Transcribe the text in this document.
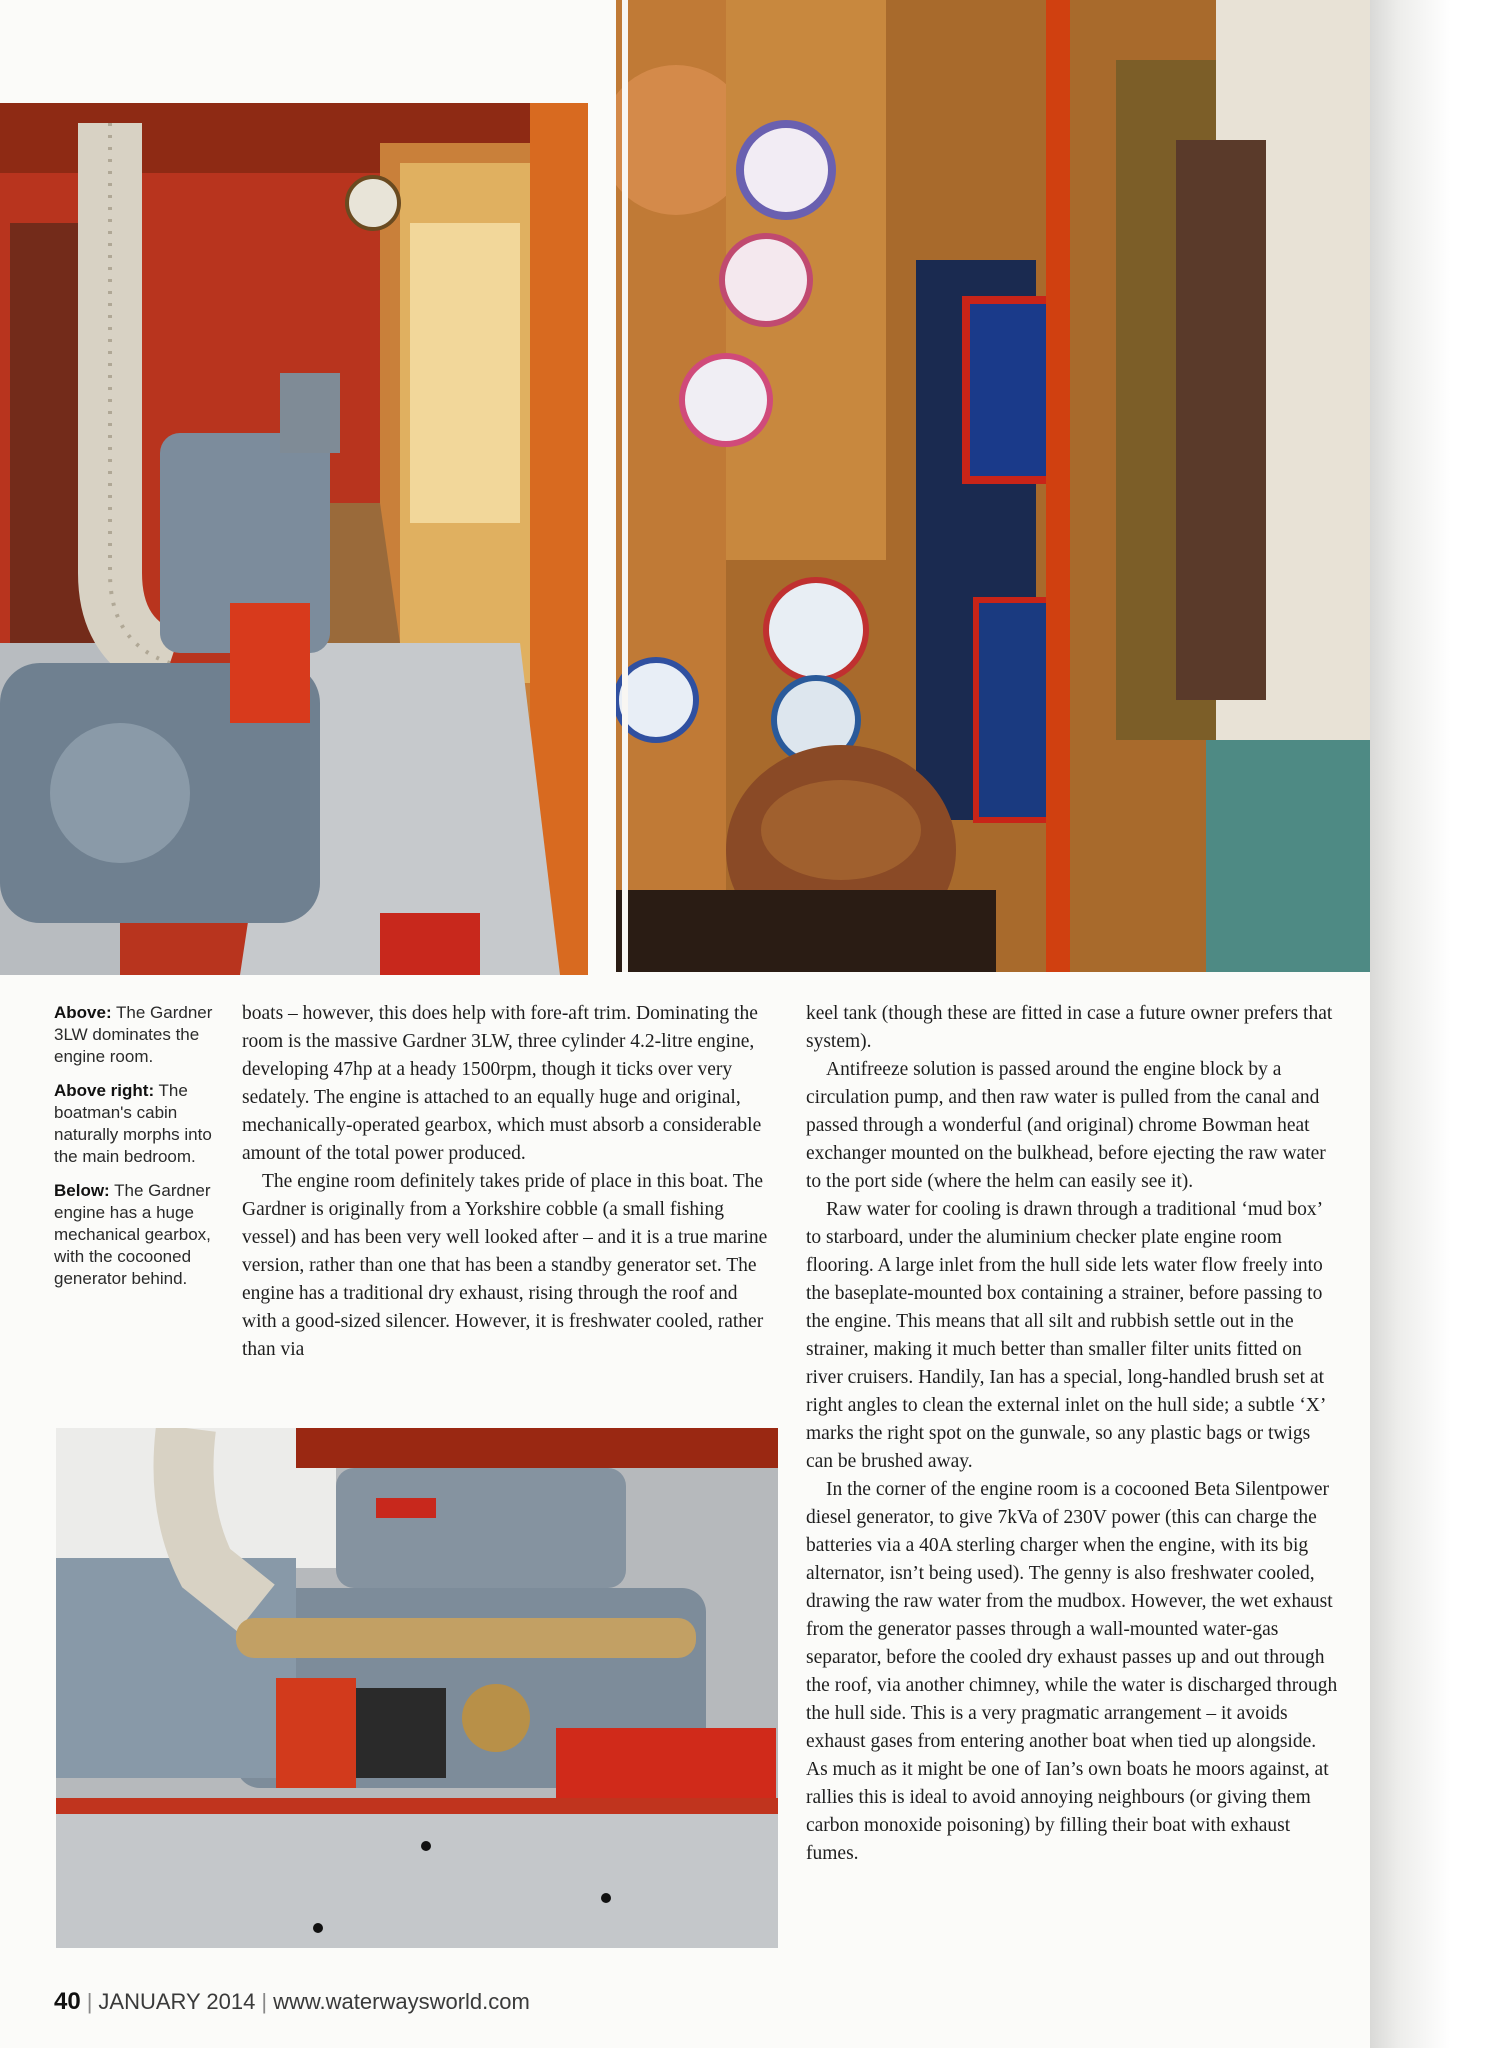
Above: The Gardner 3LW dominates the engine room.
Above right: The boatman's cabin naturally morphs into the main bedroom.
Below: The Gardner engine has a huge mechanical gearbox, with the cocooned generator behind.

boats – however, this does help with fore-aft trim. Dominating the room is the massive Gardner 3LW, three cylinder 4.2-litre engine, developing 47hp at a heady 1500rpm, though it ticks over very sedately. The engine is attached to an equally huge and original, mechanically-operated gearbox, which must absorb a considerable amount of the total power produced.

The engine room definitely takes pride of place in this boat. The Gardner is originally from a Yorkshire cobble (a small fishing vessel) and has been very well looked after – and it is a true marine version, rather than one that has been a standby generator set. The engine has a traditional dry exhaust, rising through the roof and with a good-sized silencer. However, it is freshwater cooled, rather than via

keel tank (though these are fitted in case a future owner prefers that system).

Antifreeze solution is passed around the engine block by a circulation pump, and then raw water is pulled from the canal and passed through a wonderful (and original) chrome Bowman heat exchanger mounted on the bulkhead, before ejecting the raw water to the port side (where the helm can easily see it).

Raw water for cooling is drawn through a traditional ‘mud box’ to starboard, under the aluminium checker plate engine room flooring. A large inlet from the hull side lets water flow freely into the baseplate-mounted box containing a strainer, before passing to the engine. This means that all silt and rubbish settle out in the strainer, making it much better than smaller filter units fitted on river cruisers. Handily, Ian has a special, long-handled brush set at right angles to clean the external inlet on the hull side; a subtle ‘X’ marks the right spot on the gunwale, so any plastic bags or twigs can be brushed away.

In the corner of the engine room is a cocooned Beta Silentpower diesel generator, to give 7kVa of 230V power (this can charge the batteries via a 40A sterling charger when the engine, with its big alternator, isn’t being used). The genny is also freshwater cooled, drawing the raw water from the mudbox. However, the wet exhaust from the generator passes through a wall-mounted water-gas separator, before the cooled dry exhaust passes up and out through the roof, via another chimney, while the water is discharged through the hull side. This is a very pragmatic arrangement – it avoids exhaust gases from entering another boat when tied up alongside. As much as it might be one of Ian’s own boats he moors against, at rallies this is ideal to avoid annoying neighbours (or giving them carbon monoxide poisoning) by filling their boat with exhaust fumes.

40 | JANUARY 2014 | www.waterwaysworld.com
